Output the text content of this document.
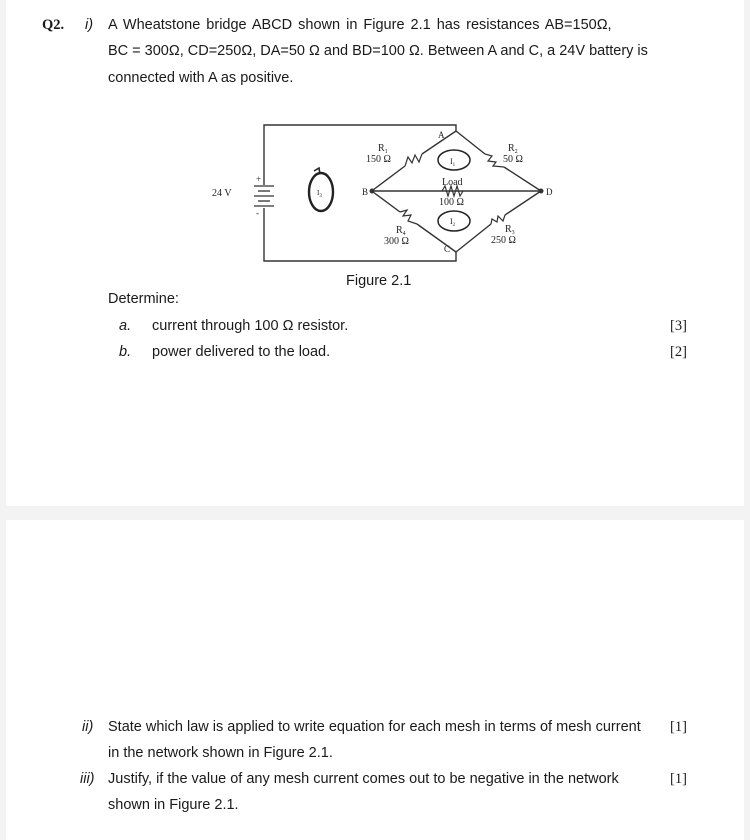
Q2. i) A Wheatstone bridge ABCD shown in Figure 2.1 has resistances AB=150Ω,
BC = 300Ω, CD=250Ω, DA=50 Ω and BD=100 Ω. Between A and C, a 24V battery is
connected with A as positive.
+
-
24 V
A
B
C
D
$R_1$
150 Ω
$R_2$
50 Ω
$R_4$
300 Ω
$R_3$
250 Ω
Load
100 Ω
$I_3$
$I_1$
$I_2$
Figure 2.1
Determine:
a. current through 100 Ω resistor.	[3]
b. power delivered to the load.	[2]
ii) State which law is applied to write equation for each mesh in terms of mesh current [1]
in the network shown in Figure 2.1.
iii) Justify, if the value of any mesh current comes out to be negative in the network	[1]
shown in Figure 2.1.
